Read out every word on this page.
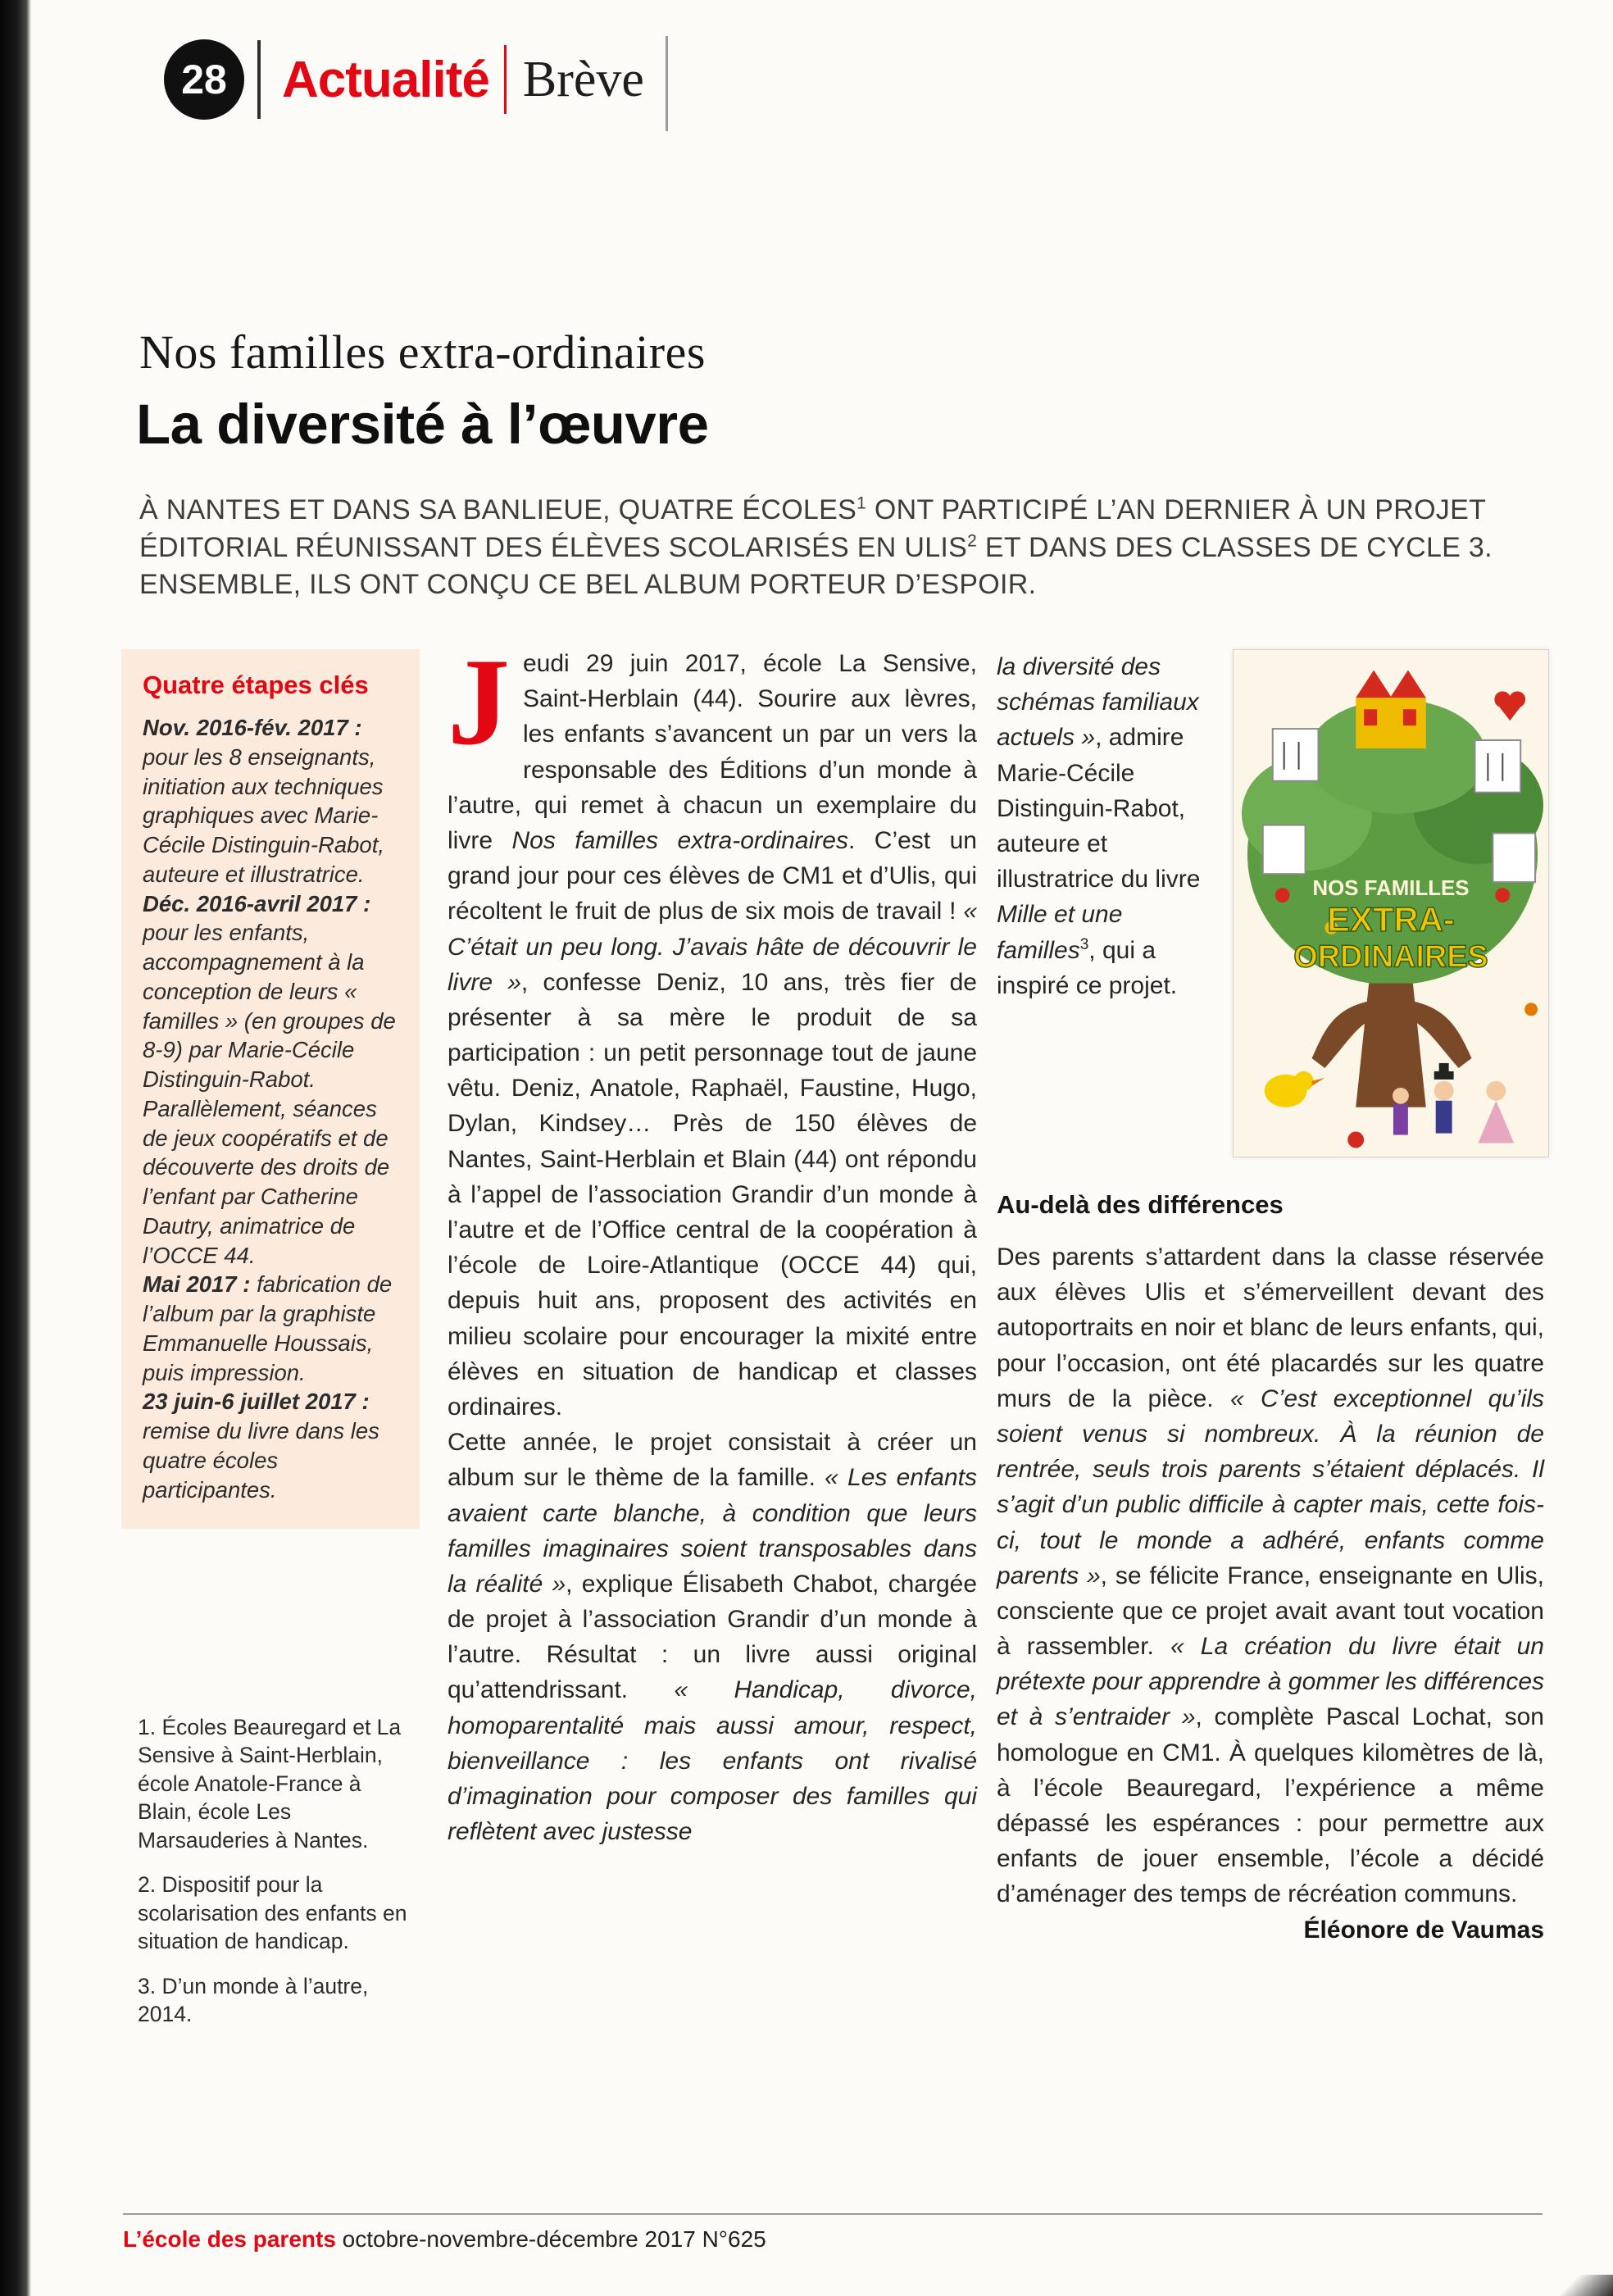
28 Actualité Brève
Nos familles extra-ordinaires
La diversité à l’œuvre
À NANTES ET DANS SA BANLIEUE, QUATRE ÉCOLES$^1$ ONT PARTICIPÉ L’AN DERNIER À UN PROJET ÉDITORIAL RÉUNISSANT DES ÉLÈVES SCOLARISÉS EN ULIS$^2$ ET DANS DES CLASSES DE CYCLE 3. ENSEMBLE, ILS ONT CONÇU CE BEL ALBUM PORTEUR D’ESPOIR.
Quatre étapes clés
Nov. 2016-fév. 2017 : pour les 8 enseignants, initiation aux techniques graphiques avec Marie-Cécile Distinguin-Rabot, auteure et illustratrice.
Déc. 2016-avril 2017 : pour les enfants, accompagnement à la conception de leurs « familles » (en groupes de 8-9) par Marie-Cécile Distinguin-Rabot. Parallèlement, séances de jeux coopératifs et de découverte des droits de l’enfant par Catherine Dautry, animatrice de l’OCCE 44.
Mai 2017 : fabrication de l’album par la graphiste Emmanuelle Houssais, puis impression.
23 juin-6 juillet 2017 : remise du livre dans les quatre écoles participantes.
1. Écoles Beauregard et La Sensive à Saint-Herblain, école Anatole-France à Blain, école Les Marsauderies à Nantes.
2. Dispositif pour la scolarisation des enfants en situation de handicap.
3. D’un monde à l’autre, 2014.

Jeudi 29 juin 2017, école La Sensive, Saint-Herblain (44). Sourire aux lèvres, les enfants s’avancent un par un vers la responsable des Éditions d’un monde à l’autre, qui remet à chacun un exemplaire du livre Nos familles extra-ordinaires. C’est un grand jour pour ces élèves de CM1 et d’Ulis, qui récoltent le fruit de plus de six mois de travail ! « C’était un peu long. J’avais hâte de découvrir le livre », confesse Deniz, 10 ans, très fier de présenter à sa mère le produit de sa participation : un petit personnage tout de jaune vêtu. Deniz, Anatole, Raphaël, Faustine, Hugo, Dylan, Kindsey… Près de 150 élèves de Nantes, Saint-Herblain et Blain (44) ont répondu à l’appel de l’association Grandir d’un monde à l’autre et de l’Office central de la coopération à l’école de Loire-Atlantique (OCCE 44) qui, depuis huit ans, proposent des activités en milieu scolaire pour encourager la mixité entre élèves en situation de handicap et classes ordinaires.

Cette année, le projet consistait à créer un album sur le thème de la famille. « Les enfants avaient carte blanche, à condition que leurs familles imaginaires soient transposables dans la réalité », explique Élisabeth Chabot, chargée de projet à l’association Grandir d’un monde à l’autre. Résultat : un livre aussi original qu’attendrissant. « Handicap, divorce, homoparentalité mais aussi amour, respect, bienveillance : les enfants ont rivalisé d’imagination pour composer des familles qui reflètent avec justesse

la diversité des schémas familiaux actuels », admire Marie-Cécile Distinguin-Rabot, auteure et illustratrice du livre Mille et une familles$^3$, qui a inspiré ce projet.
NOS FAMILLES
EXTRA-
ORDINAIRES
Au-delà des différences

Des parents s’attardent dans la classe réservée aux élèves Ulis et s’émerveillent devant des autoportraits en noir et blanc de leurs enfants, qui, pour l’occasion, ont été placardés sur les quatre murs de la pièce. « C’est exceptionnel qu’ils soient venus si nombreux. À la réunion de rentrée, seuls trois parents s’étaient déplacés. Il s’agit d’un public difficile à capter mais, cette fois-ci, tout le monde a adhéré, enfants comme parents », se félicite France, enseignante en Ulis, consciente que ce projet avait avant tout vocation à rassembler. « La création du livre était un prétexte pour apprendre à gommer les différences et à s’entraider », complète Pascal Lochat, son homologue en CM1. À quelques kilomètres de là, à l’école Beauregard, l’expérience a même dépassé les espérances : pour permettre aux enfants de jouer ensemble, l’école a décidé d’aménager des temps de récréation communs.
Éléonore de Vaumas

L’école des parents octobre-novembre-décembre 2017 N°625
